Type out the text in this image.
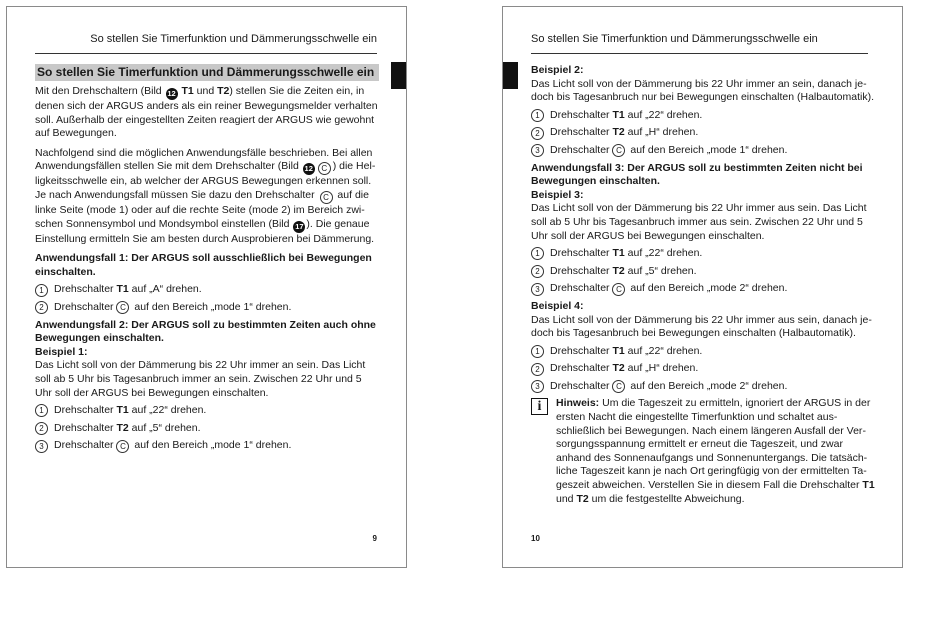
So stellen Sie Timerfunktion und Dämmerungsschwelle ein
So stellen Sie Timerfunktion und Dämmerungsschwelle ein

Mit den Drehschaltern (Bild 12 T1 und T2) stellen Sie die Zeiten ein, in denen sich der ARGUS anders als ein reiner Bewegungsmelder verhalten soll. Außerhalb der eingestellten Zeiten reagiert der ARGUS wie gewohnt auf Bewegungen.

Nachfolgend sind die möglichen Anwendungsfälle beschrieben. Bei allen Anwendungsfällen stellen Sie mit dem Drehschalter (Bild 12 C ) die Helligkeitsschwelle ein, ab welcher der ARGUS Bewegungen erkennen soll. Je nach Anwendungsfall müssen Sie dazu den Drehschalter C auf die linke Seite (mode 1) oder auf die rechte Seite (mode 2) im Bereich zwischen Sonnensymbol und Mondsymbol einstellen (Bild 17 ). Die genaue Einstellung ermitteln Sie am besten durch Ausprobieren bei Dämmerung.

Anwendungsfall 1: Der ARGUS soll ausschließlich bei Bewegungen einschalten.
1 Drehschalter T1 auf „A“ drehen.
2 Drehschalter C auf den Bereich „mode 1“ drehen.
Anwendungsfall 2: Der ARGUS soll zu bestimmten Zeiten auch ohne Bewegungen einschalten.
Beispiel 1:

Das Licht soll von der Dämmerung bis 22 Uhr immer an sein. Das Licht soll ab 5 Uhr bis Tagesanbruch immer an sein. Zwischen 22 Uhr und 5 Uhr soll der ARGUS bei Bewegungen einschalten.

1 Drehschalter T1 auf „22“ drehen.
2 Drehschalter T2 auf „5“ drehen.
3 Drehschalter C auf den Bereich „mode 1“ drehen.
9
So stellen Sie Timerfunktion und Dämmerungsschwelle ein
Beispiel 2:

Das Licht soll von der Dämmerung bis 22 Uhr immer an sein, danach jedoch bis Tagesanbruch nur bei Bewegungen einschalten (Halbautomatik).

1 Drehschalter T1 auf „22“ drehen.
2 Drehschalter T2 auf „H“ drehen.
3 Drehschalter C auf den Bereich „mode 1“ drehen.
Anwendungsfall 3: Der ARGUS soll zu bestimmten Zeiten nicht bei Bewegungen einschalten.
Beispiel 3:

Das Licht soll von der Dämmerung bis 22 Uhr immer aus sein. Das Licht soll ab 5 Uhr bis Tagesanbruch immer aus sein. Zwischen 22 Uhr und 5 Uhr soll der ARGUS bei Bewegungen einschalten.

1 Drehschalter T1 auf „22“ drehen.
2 Drehschalter T2 auf „5“ drehen.
3 Drehschalter C auf den Bereich „mode 2“ drehen.
Beispiel 4:

Das Licht soll von der Dämmerung bis 22 Uhr immer aus sein, danach jedoch bis Tagesanbruch bei Bewegungen einschalten (Halbautomatik).

1 Drehschalter T1 auf „22“ drehen.
2 Drehschalter T2 auf „H“ drehen.
3 Drehschalter C auf den Bereich „mode 2“ drehen.
i	Hinweis: Um die Tageszeit zu ermitteln, ignoriert der ARGUS in der ersten Nacht die eingestellte Timerfunktion und schaltet ausschließlich bei Bewegungen. Nach einem längeren Ausfall der Versorgungsspannung ermittelt er erneut die Tageszeit, und zwar anhand des Sonnenaufgangs und Sonnenuntergangs. Die tatsächliche Tageszeit kann je nach Ort geringfügig von der ermittelten Tageszeit abweichen. Verstellen Sie in diesem Fall die Drehschalter T1 und T2 um die festgestellte Abweichung.
10
